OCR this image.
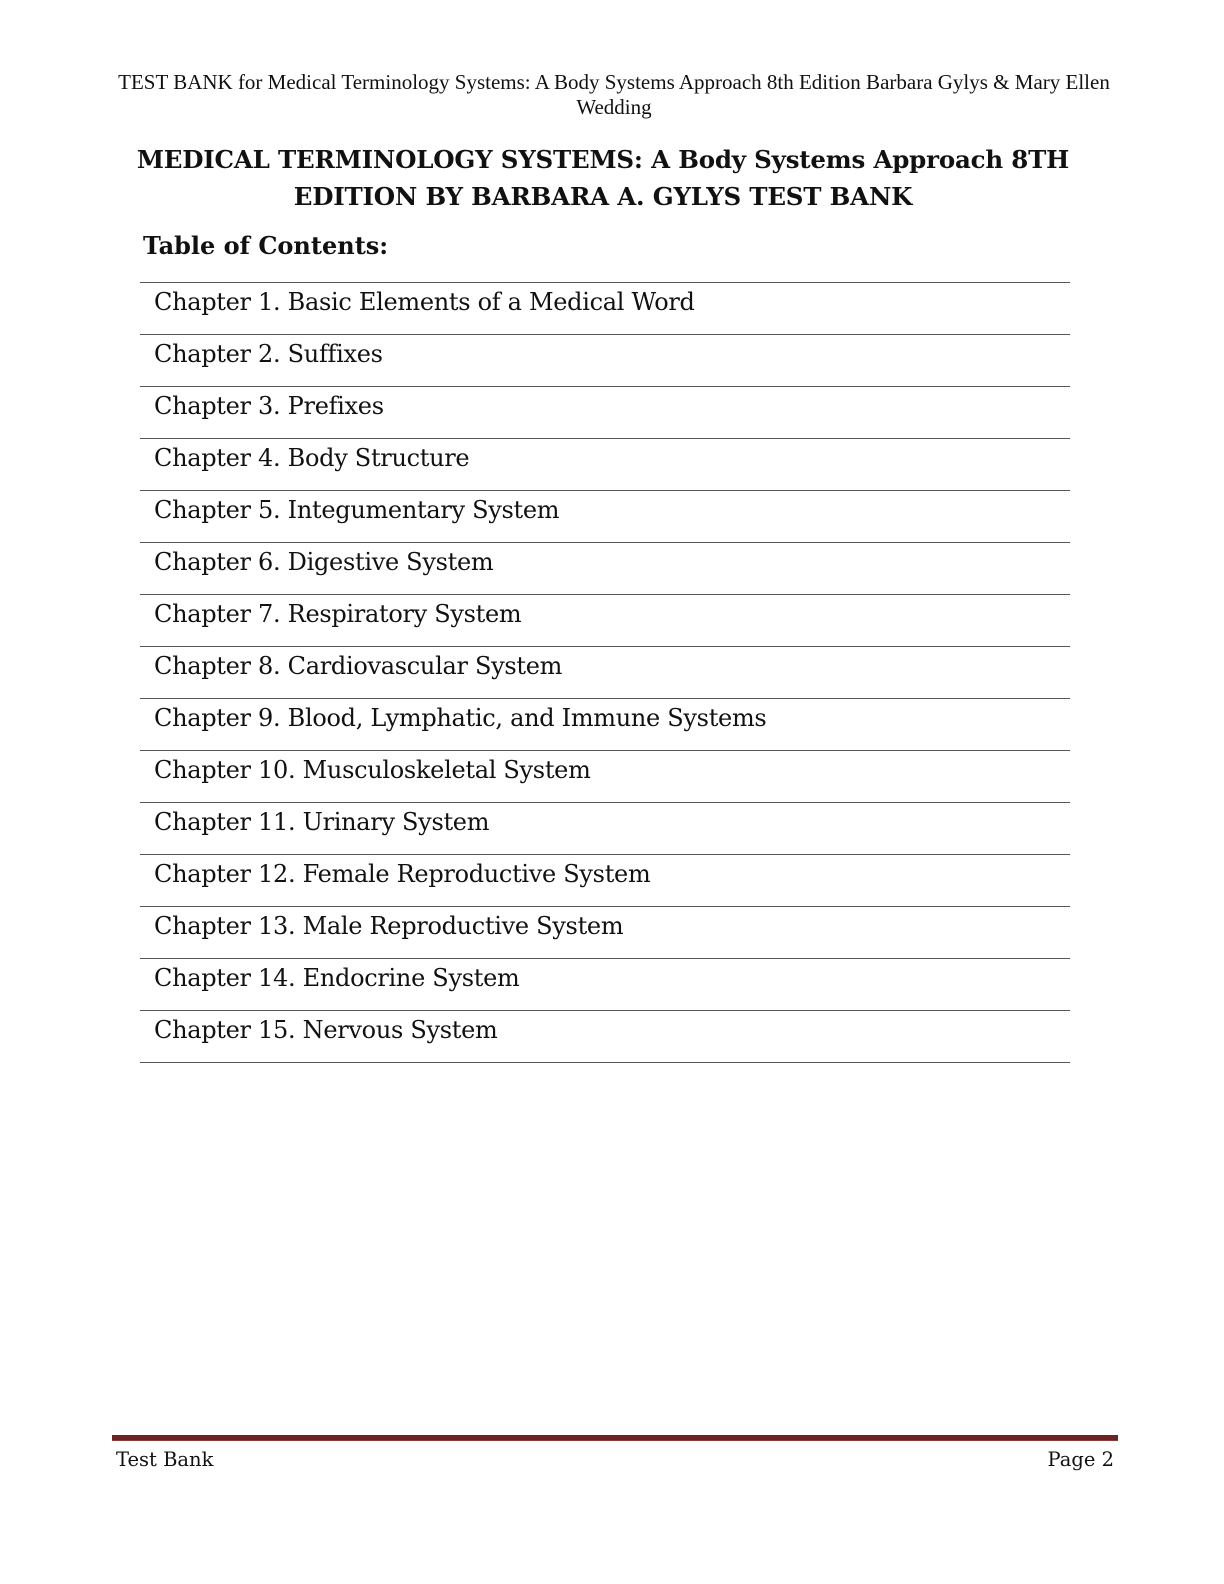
TEST BANK for Medical Terminology Systems: A Body Systems Approach 8th Edition Barbara Gylys & Mary Ellen Wedding
MEDICAL TERMINOLOGY SYSTEMS: A Body Systems Approach 8TH EDITION BY BARBARA A. GYLYS TEST BANK
Table of Contents:
Chapter 1. Basic Elements of a Medical Word
Chapter 2. Suffixes
Chapter 3. Prefixes
Chapter 4. Body Structure
Chapter 5. Integumentary System
Chapter 6. Digestive System
Chapter 7. Respiratory System
Chapter 8. Cardiovascular System
Chapter 9. Blood, Lymphatic, and Immune Systems
Chapter 10. Musculoskeletal System
Chapter 11. Urinary System
Chapter 12. Female Reproductive System
Chapter 13. Male Reproductive System
Chapter 14. Endocrine System
Chapter 15. Nervous System
Test Bank	Page 2
